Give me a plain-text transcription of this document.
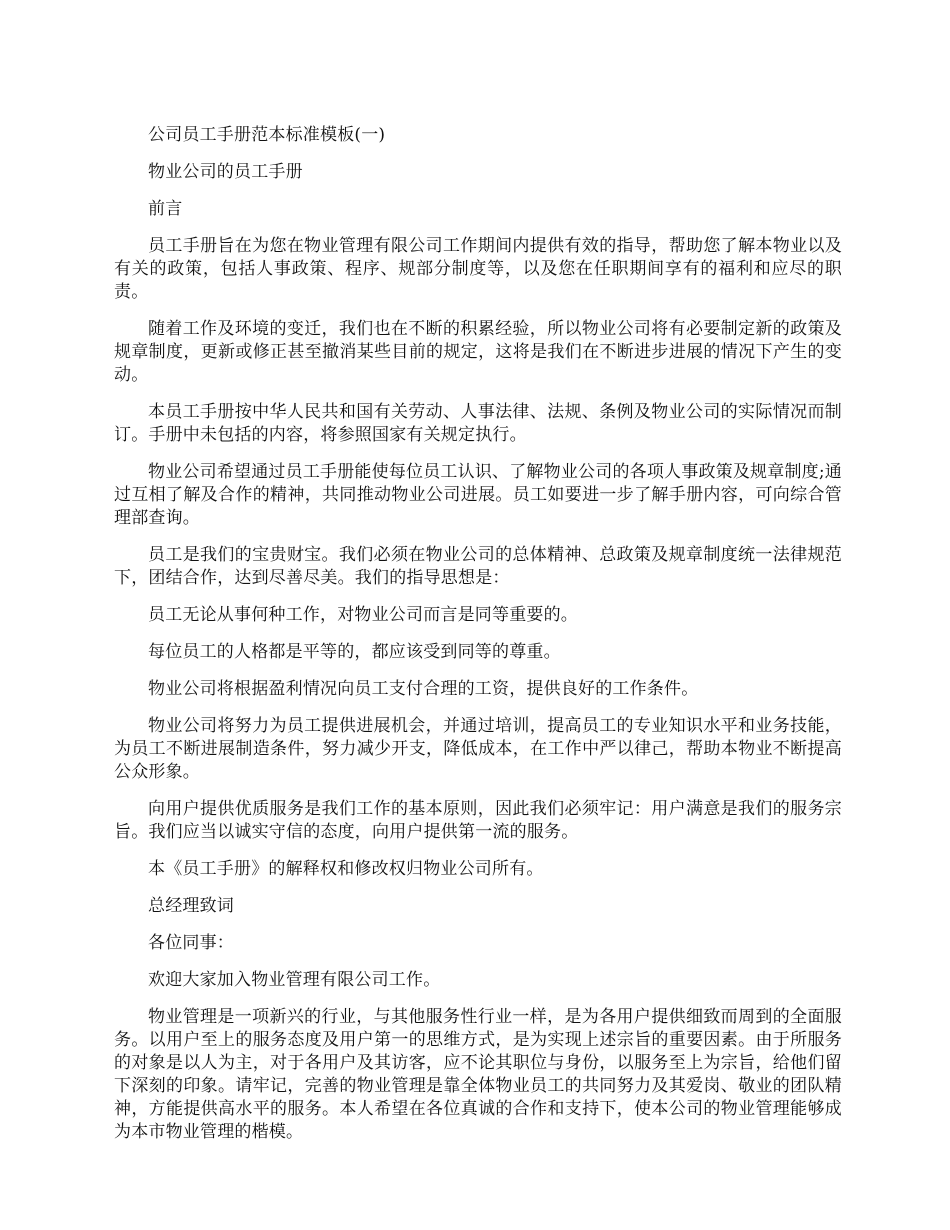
公司员工手册范本标准模板(一)

物业公司的员工手册

前言

员工手册旨在为您在物业管理有限公司工作期间内提供有效的指导，帮助您了解本物业以及有关的政策，包括人事政策、程序、规部分制度等，以及您在任职期间享有的福利和应尽的职责。

随着工作及环境的变迁，我们也在不断的积累经验，所以物业公司将有必要制定新的政策及规章制度，更新或修正甚至撤消某些目前的规定，这将是我们在不断进步进展的情况下产生的变动。

本员工手册按中华人民共和国有关劳动、人事法律、法规、条例及物业公司的实际情况而制订。手册中未包括的内容，将参照国家有关规定执行。

物业公司希望通过员工手册能使每位员工认识、了解物业公司的各项人事政策及规章制度;通过互相了解及合作的精神，共同推动物业公司进展。员工如要进一步了解手册内容，可向综合管理部查询。

员工是我们的宝贵财宝。我们必须在物业公司的总体精神、总政策及规章制度统一法律规范下，团结合作，达到尽善尽美。我们的指导思想是：

员工无论从事何种工作，对物业公司而言是同等重要的。

每位员工的人格都是平等的，都应该受到同等的尊重。

物业公司将根据盈利情况向员工支付合理的工资，提供良好的工作条件。

物业公司将努力为员工提供进展机会，并通过培训，提高员工的专业知识水平和业务技能，为员工不断进展制造条件，努力减少开支，降低成本，在工作中严以律己，帮助本物业不断提高公众形象。

向用户提供优质服务是我们工作的基本原则，因此我们必须牢记：用户满意是我们的服务宗旨。我们应当以诚实守信的态度，向用户提供第一流的服务。

本《员工手册》的解释权和修改权归物业公司所有。

总经理致词

各位同事：

欢迎大家加入物业管理有限公司工作。

物业管理是一项新兴的行业，与其他服务性行业一样，是为各用户提供细致而周到的全面服务。以用户至上的服务态度及用户第一的思维方式，是为实现上述宗旨的重要因素。由于所服务的对象是以人为主，对于各用户及其访客，应不论其职位与身份，以服务至上为宗旨，给他们留下深刻的印象。请牢记，完善的物业管理是靠全体物业员工的共同努力及其爱岗、敬业的团队精神，方能提供高水平的服务。本人希望在各位真诚的合作和支持下，使本公司的物业管理能够成为本市物业管理的楷模。
